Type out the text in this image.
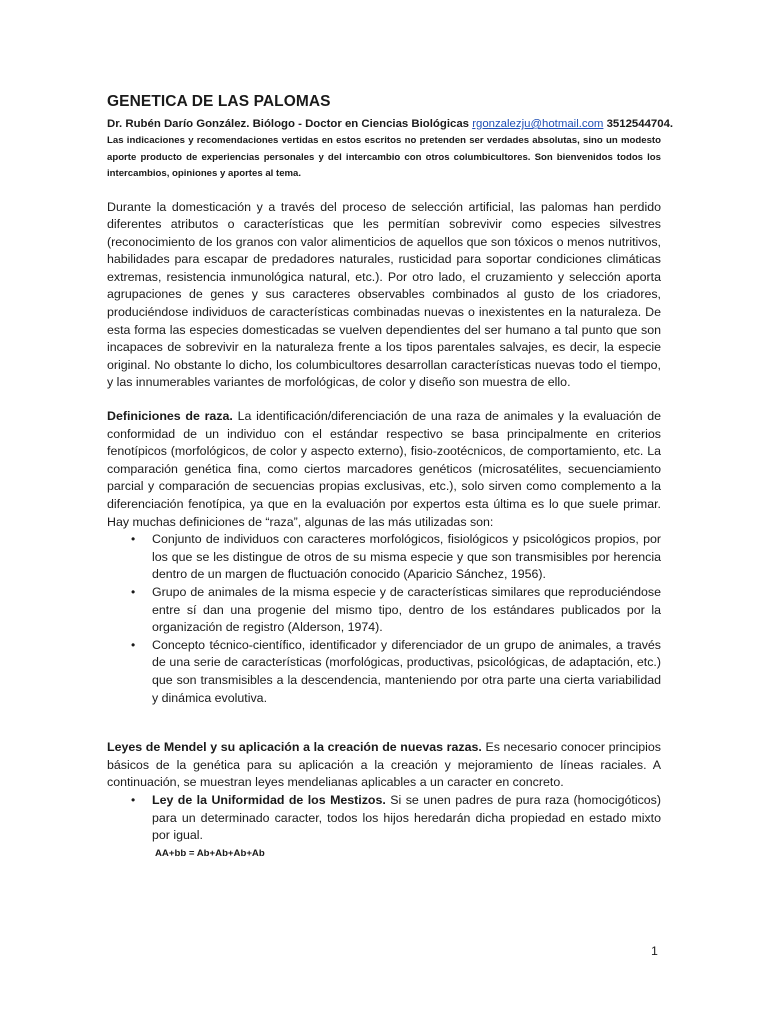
GENETICA DE LAS PALOMAS

Dr. Rubén Darío González. Biólogo - Doctor en Ciencias Biológicas rgonzalezju@hotmail.com 3512544704.

Las indicaciones y recomendaciones vertidas en estos escritos no pretenden ser verdades absolutas, sino un modesto aporte producto de experiencias personales y del intercambio con otros columbicultores. Son bienvenidos todos los intercambios, opiniones y aportes al tema.

Durante la domesticación y a través del proceso de selección artificial, las palomas han perdido diferentes atributos o características que les permitían sobrevivir como especies silvestres (reconocimiento de los granos con valor alimenticios de aquellos que son tóxicos o menos nutritivos, habilidades para escapar de predadores naturales, rusticidad para soportar condiciones climáticas extremas, resistencia inmunológica natural, etc.). Por otro lado, el cruzamiento y selección aporta agrupaciones de genes y sus caracteres observables combinados al gusto de los criadores, produciéndose individuos de características combinadas nuevas o inexistentes en la naturaleza. De esta forma las especies domesticadas se vuelven dependientes del ser humano a tal punto que son incapaces de sobrevivir en la naturaleza frente a los tipos parentales salvajes, es decir, la especie original. No obstante lo dicho, los columbicultores desarrollan características nuevas todo el tiempo, y las innumerables variantes de morfológicas, de color y diseño son muestra de ello.

Definiciones de raza. La identificación/diferenciación de una raza de animales y la evaluación de conformidad de un individuo con el estándar respectivo se basa principalmente en criterios fenotípicos (morfológicos, de color y aspecto externo), fisio-zootécnicos, de comportamiento, etc. La comparación genética fina, como ciertos marcadores genéticos (microsatélites, secuenciamiento parcial y comparación de secuencias propias exclusivas, etc.), solo sirven como complemento a la diferenciación fenotípica, ya que en la evaluación por expertos esta última es lo que suele primar. Hay muchas definiciones de “raza”, algunas de las más utilizadas son:

• Conjunto de individuos con caracteres morfológicos, fisiológicos y psicológicos propios, por los que se les distingue de otros de su misma especie y que son transmisibles por herencia dentro de un margen de fluctuación conocido (Aparicio Sánchez, 1956).
• Grupo de animales de la misma especie y de características similares que reproduciéndose entre sí dan una progenie del mismo tipo, dentro de los estándares publicados por la organización de registro (Alderson, 1974).
• Concepto técnico-científico, identificador y diferenciador de un grupo de animales, a través de una serie de características (morfológicas, productivas, psicológicas, de adaptación, etc.) que son transmisibles a la descendencia, manteniendo por otra parte una cierta variabilidad y dinámica evolutiva.

Leyes de Mendel y su aplicación a la creación de nuevas razas. Es necesario conocer principios básicos de la genética para su aplicación a la creación y mejoramiento de líneas raciales. A continuación, se muestran leyes mendelianas aplicables a un caracter en concreto.

• Ley de la Uniformidad de los Mestizos. Si se unen padres de pura raza (homocigóticos) para un determinado caracter, todos los hijos heredarán dicha propiedad en estado mixto por igual.

AA+bb = Ab+Ab+Ab+Ab

1
